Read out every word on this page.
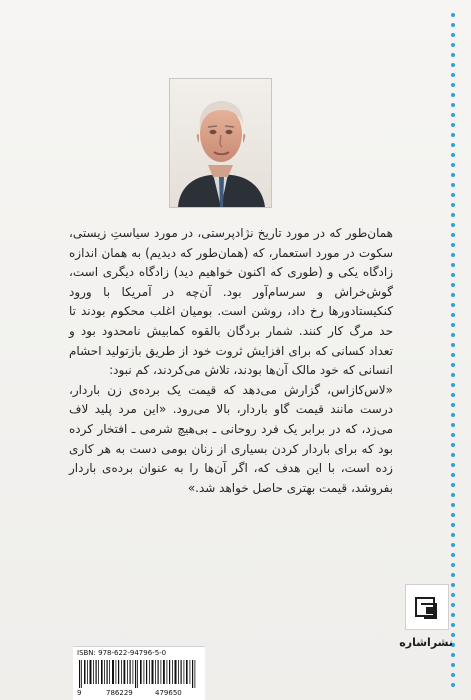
همان‌طور که در مورد تاریخ نژادپرستی، در مورد سیاستِ زیستی، سکوت در مورد استعمار، که (همان‌طور که دیدیم) به همان اندازه زادگاه یکی و (طوری که اکنون خواهیم دید) زادگاه دیگری است، گوش‌خراش و سرسام‌آور بود. آن‌چه در آمریکا با ورود کنکیستادورها رخ داد، روشن است. بومیان اغلب محکوم بودند تا حد مرگ کار کنند. شمار بردگان بالقوه کمابیش نامحدود بود و تعداد کسانی که برای افزایش ثروت خود از طریق بازتولید احشام انسانی که خود مالک آن‌ها بودند، تلاش می‌کردند، کم نبود:
«لاس‌کازاس، گزارش می‌دهد که قیمت یک برده‌ی زن باردار، درست مانند قیمت گاو باردار، بالا می‌رود. «این مرد پلید لاف می‌زد، که در برابر یک فرد روحانی ـ بی‌هیچ شرمی ـ افتخار کرده بود که برای باردار کردن بسیاری از زنان بومی دست به هر کاری زده است، با این هدف که، اگر آن‌ها را به عنوان برده‌ی باردار بفروشد، قیمت بهتری حاصل خواهد شد.»
نشراشاره
ISBN: 978-622-94796-5-0
9	786229	479650
